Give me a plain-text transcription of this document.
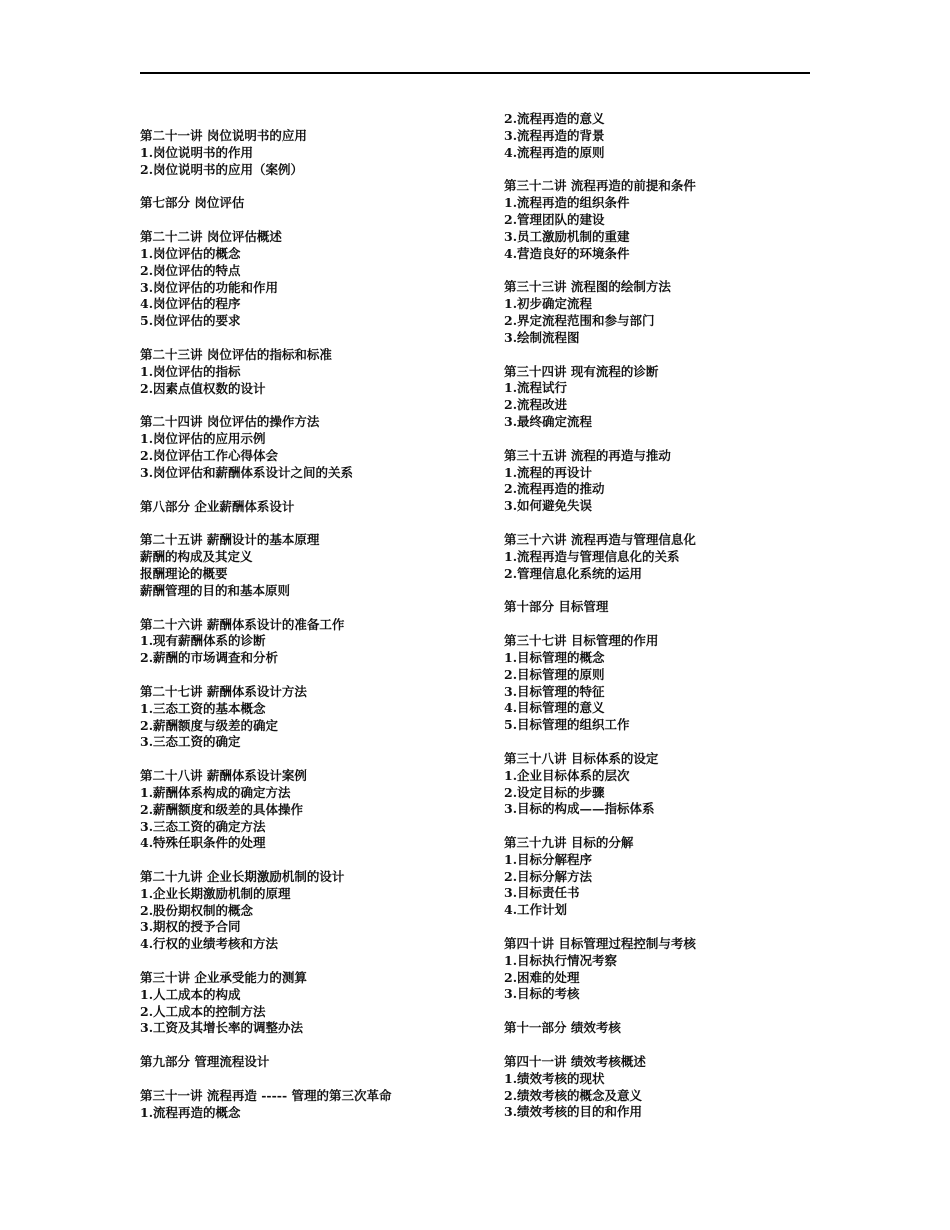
第二十一讲 岗位说明书的应用
1.岗位说明书的作用
2.岗位说明书的应用（案例）
第七部分 岗位评估
第二十二讲 岗位评估概述
1.岗位评估的概念
2.岗位评估的特点
3.岗位评估的功能和作用
4.岗位评估的程序
5.岗位评估的要求
第二十三讲 岗位评估的指标和标准
1.岗位评估的指标
2.因素点值权数的设计
第二十四讲 岗位评估的操作方法
1.岗位评估的应用示例
2.岗位评估工作心得体会
3.岗位评估和薪酬体系设计之间的关系
第八部分 企业薪酬体系设计
第二十五讲 薪酬设计的基本原理
薪酬的构成及其定义
报酬理论的概要
薪酬管理的目的和基本原则
第二十六讲 薪酬体系设计的准备工作
1.现有薪酬体系的诊断
2.薪酬的市场调查和分析
第二十七讲 薪酬体系设计方法
1.三态工资的基本概念
2.薪酬额度与级差的确定
3.三态工资的确定
第二十八讲 薪酬体系设计案例
1.薪酬体系构成的确定方法
2.薪酬额度和级差的具体操作
3.三态工资的确定方法
4.特殊任职条件的处理
第二十九讲 企业长期激励机制的设计
1.企业长期激励机制的原理
2.股份期权制的概念
3.期权的授予合同
4.行权的业绩考核和方法
第三十讲 企业承受能力的测算
1.人工成本的构成
2.人工成本的控制方法
3.工资及其增长率的调整办法
第九部分 管理流程设计
第三十一讲 流程再造 ----- 管理的第三次革命
1.流程再造的概念
2.流程再造的意义
3.流程再造的背景
4.流程再造的原则
第三十二讲 流程再造的前提和条件
1.流程再造的组织条件
2.管理团队的建设
3.员工激励机制的重建
4.营造良好的环境条件
第三十三讲 流程图的绘制方法
1.初步确定流程
2.界定流程范围和参与部门
3.绘制流程图
第三十四讲 现有流程的诊断
1.流程试行
2.流程改进
3.最终确定流程
第三十五讲 流程的再造与推动
1.流程的再设计
2.流程再造的推动
3.如何避免失误
第三十六讲 流程再造与管理信息化
1.流程再造与管理信息化的关系
2.管理信息化系统的运用
第十部分 目标管理
第三十七讲 目标管理的作用
1.目标管理的概念
2.目标管理的原则
3.目标管理的特征
4.目标管理的意义
5.目标管理的组织工作
第三十八讲 目标体系的设定
1.企业目标体系的层次
2.设定目标的步骤
3.目标的构成——指标体系
第三十九讲 目标的分解
1.目标分解程序
2.目标分解方法
3.目标责任书
4.工作计划
第四十讲 目标管理过程控制与考核
1.目标执行情况考察
2.困难的处理
3.目标的考核
第十一部分 绩效考核
第四十一讲 绩效考核概述
1.绩效考核的现状
2.绩效考核的概念及意义
3.绩效考核的目的和作用
